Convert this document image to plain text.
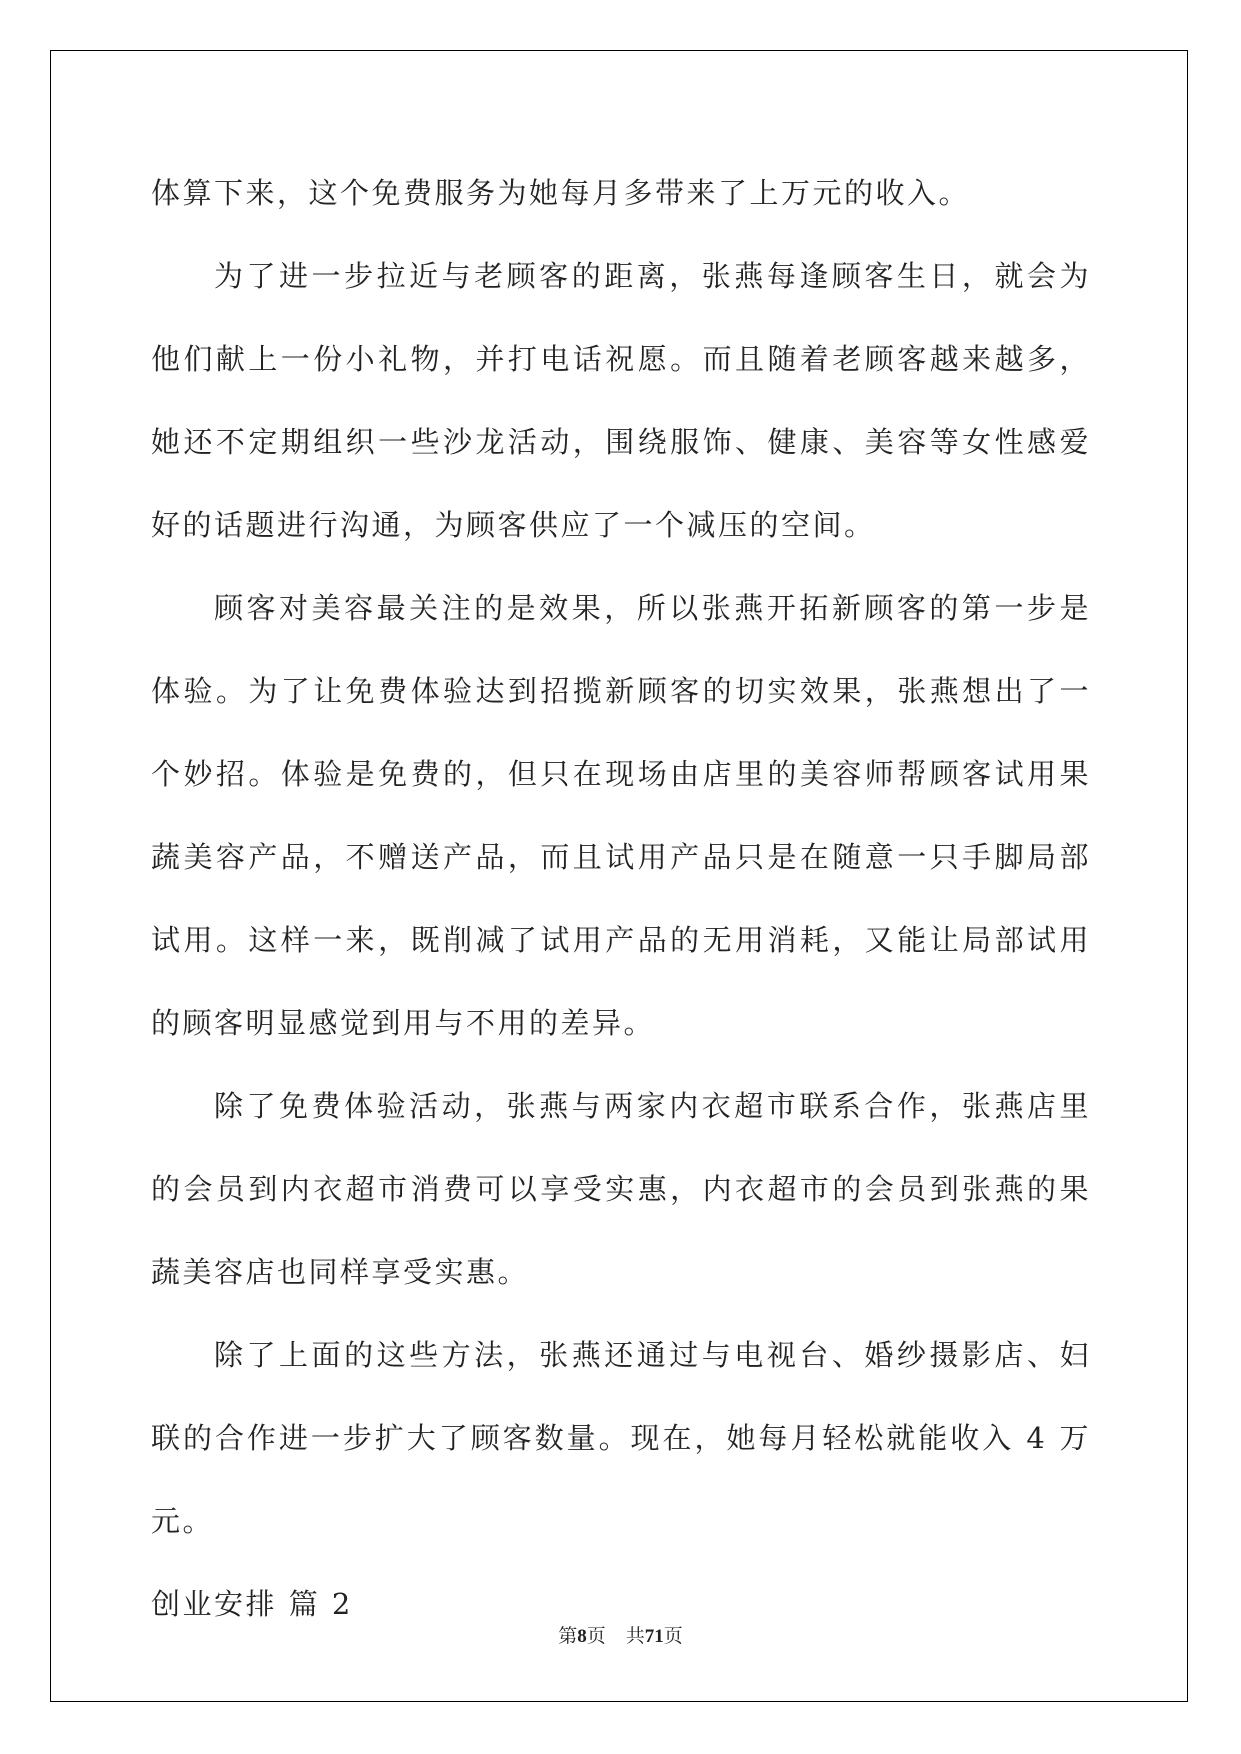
体算下来，这个免费服务为她每月多带来了上万元的收入。

为了进一步拉近与老顾客的距离，张燕每逢顾客生日，就会为他们献上一份小礼物，并打电话祝愿。而且随着老顾客越来越多，她还不定期组织一些沙龙活动，围绕服饰、健康、美容等女性感爱好的话题进行沟通，为顾客供应了一个减压的空间。

顾客对美容最关注的是效果，所以张燕开拓新顾客的第一步是体验。为了让免费体验达到招揽新顾客的切实效果，张燕想出了一个妙招。体验是免费的，但只在现场由店里的美容师帮顾客试用果蔬美容产品，不赠送产品，而且试用产品只是在随意一只手脚局部试用。这样一来，既削减了试用产品的无用消耗，又能让局部试用的顾客明显感觉到用与不用的差异。

除了免费体验活动，张燕与两家内衣超市联系合作，张燕店里的会员到内衣超市消费可以享受实惠，内衣超市的会员到张燕的果蔬美容店也同样享受实惠。

除了上面的这些方法，张燕还通过与电视台、婚纱摄影店、妇联的合作进一步扩大了顾客数量。现在，她每月轻松就能收入 4 万元。

创业安排 篇 2

第8页 共71页
